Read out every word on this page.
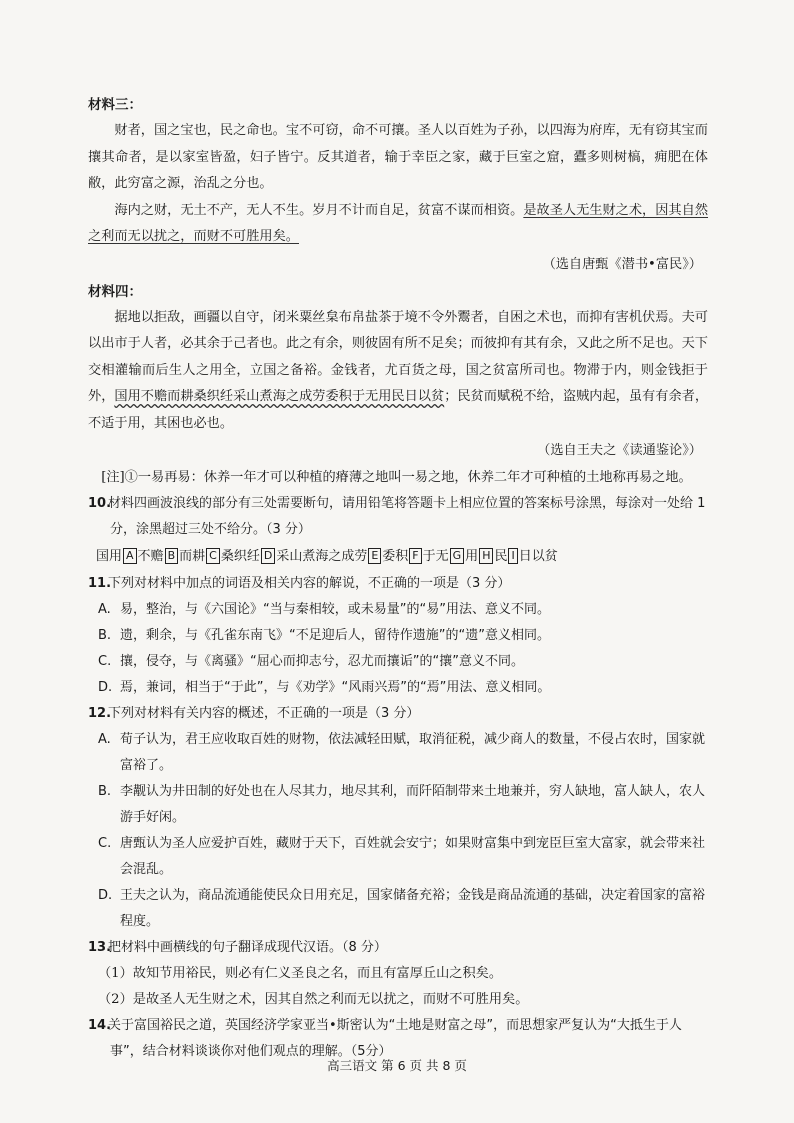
材料三：
财者，国之宝也，民之命也。宝不可窃，命不可攘。圣人以百姓为子孙，以四海为府库，无有窃其宝而攘其命者，是以家室皆盈，妇子皆宁。反其道者，输于幸臣之家，藏于巨室之窟，蠹多则树槁，痈肥在体敝，此穷富之源，治乱之分也。
海内之财，无土不产，无人不生。岁月不计而自足，贫富不谋而相资。是故圣人无生财之术，因其自然之利而无以扰之，而财不可胜用矣。
（选自唐甄《潜书•富民》）
材料四：
据地以拒敌，画疆以自守，闭米粟丝枲布帛盐茶于境不令外鬻者，自困之术也，而抑有害机伏焉。夫可以出市于人者，必其余于己者也。此之有余，则彼固有所不足矣；而彼抑有其有余，又此之所不足也。天下交相灌输而后生人之用全，立国之备裕。金钱者，尤百货之母，国之贫富所司也。物滞于内，则金钱拒于外，国用不赡而耕桑织纴采山煮海之成劳委积于无用民日以贫；民贫而赋税不给，盗贼内起，虽有有余者，不适于用，其困也必也。
（选自王夫之《读通鉴论》）
[注]①一易再易：休养一年才可以种植的瘠薄之地叫一易之地，休养二年才可种植的土地称再易之地。
10.材料四画波浪线的部分有三处需要断句，请用铅笔将答题卡上相应位置的答案标号涂黑，每涂对一处给 1 分，涂黑超过三处不给分。（3 分）
国用 A 不赡 B 而耕 C 桑织纴 D 采山煮海之成劳 E 委积 F 于无 G 用 H 民 I 日以贫
11.下列对材料中加点的词语及相关内容的解说，不正确的一项是（3 分）
A. 易，整治，与《六国论》“当与秦相较，或未易量”的“易”用法、意义不同。
B. 遗，剩余，与《孔雀东南飞》“不足迎后人，留待作遗施”的“遗”意义相同。
C. 攘，侵夺，与《离骚》“屈心而抑志兮，忍尤而攘诟”的“攘”意义不同。
D. 焉，兼词，相当于“于此”，与《劝学》“风雨兴焉”的“焉”用法、意义相同。
12.下列对材料有关内容的概述，不正确的一项是（3 分）
A. 荀子认为，君王应收取百姓的财物，依法减轻田赋，取消征税，减少商人的数量，不侵占农时，国家就富裕了。
B. 李觏认为井田制的好处也在人尽其力，地尽其利，而阡陌制带来土地兼并，穷人缺地，富人缺人，农人游手好闲。
C. 唐甄认为圣人应爱护百姓，藏财于天下，百姓就会安宁；如果财富集中到宠臣巨室大富家，就会带来社会混乱。
D. 王夫之认为，商品流通能使民众日用充足，国家储备充裕；金钱是商品流通的基础，决定着国家的富裕程度。
13.把材料中画横线的句子翻译成现代汉语。（8 分）
（1）故知节用裕民，则必有仁义圣良之名，而且有富厚丘山之积矣。
（2）是故圣人无生财之术，因其自然之利而无以扰之，而财不可胜用矣。
14.关于富国裕民之道，英国经济学家亚当•斯密认为“土地是财富之母”，而思想家严复认为“大抵生于人事”，结合材料谈谈你对他们观点的理解。（5分）
高三语文 第 6 页 共 8 页
